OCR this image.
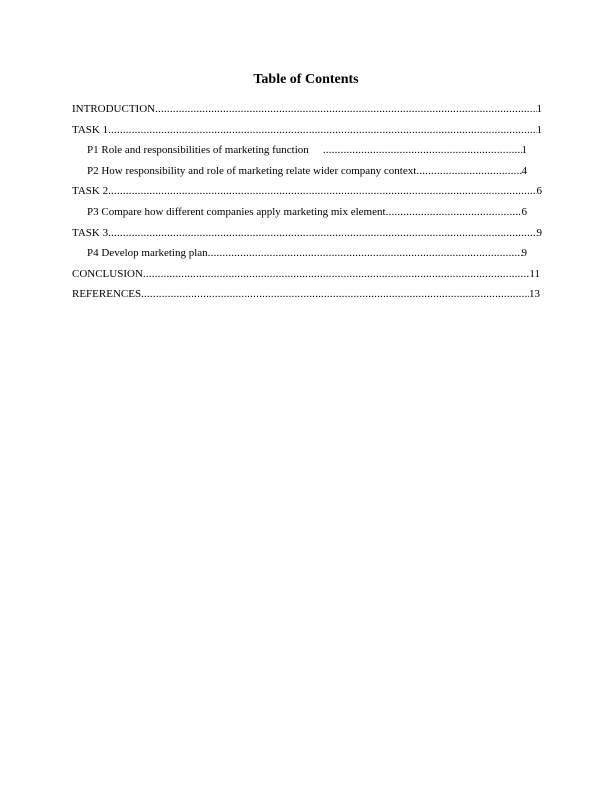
Table of Contents
INTRODUCTION .....	1
TASK 1 .....	1
P1 Role and responsibilities of marketing function .....	1
P2 How responsibility and role of marketing relate wider company context .....	4
TASK 2 .....	6
P3 Compare how different companies apply marketing mix element .....	6
TASK 3 .....	9
P4 Develop marketing plan .....	9
CONCLUSION .....	11
REFERENCES .....	13
